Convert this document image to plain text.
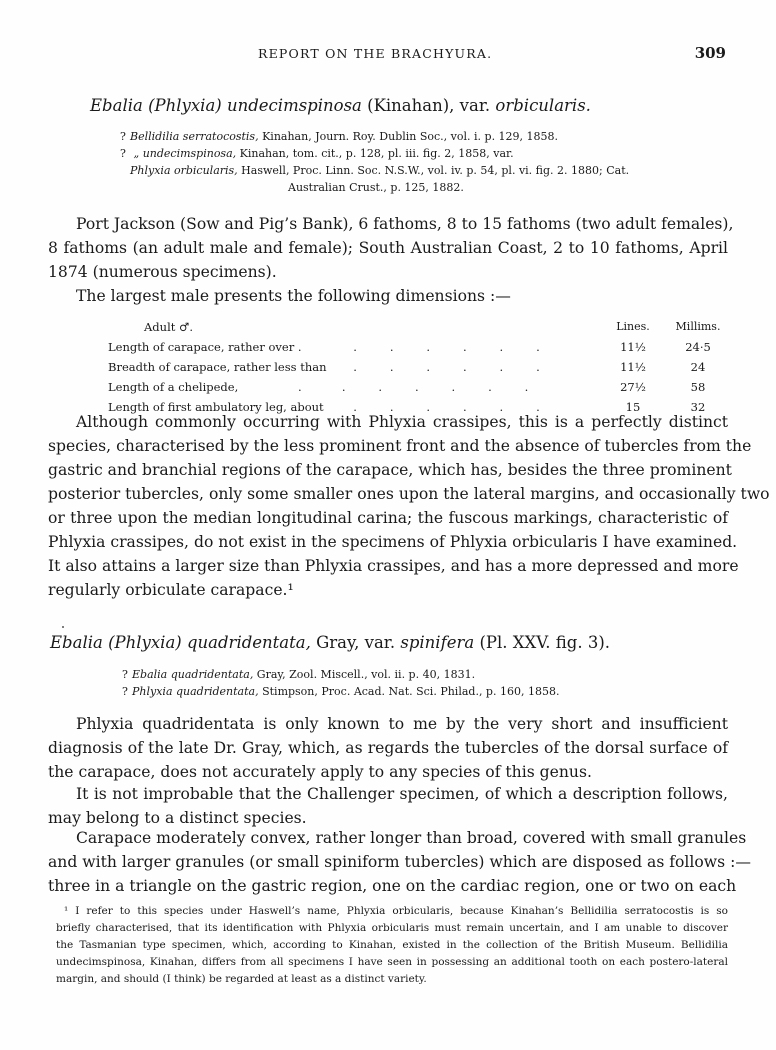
REPORT ON THE BRACHYURA.	309
Ebalia (Phlyxia) undecimspinosa (Kinahan), var. orbicularis.
? Bellidilia serratocostis, Kinahan, Journ. Roy. Dublin Soc., vol. i. p. 129, 1858.
? „ undecimspinosa, Kinahan, tom. cit., p. 128, pl. iii. fig. 2, 1858, var.
Phlyxia orbicularis, Haswell, Proc. Linn. Soc. N.S.W., vol. iv. p. 54, pl. vi. fig. 2. 1880; Cat.
Australian Crust., p. 125, 1882.
Port Jackson (Sow and Pig’s Bank), 6 fathoms, 8 to 15 fathoms (two adult females),
8 fathoms (an adult male and female); South Australian Coast, 2 to 10 fathoms, April
1874 (numerous specimens).
The largest male presents the following dimensions :—
Adult ♂.	Lines. Millims.
Length of carapace, rather over .	.         .         .         .         .         .	11½	24·5
Breadth of carapace, rather less than .         .         .         .         .         .	11½	24
Length of a chelipede,	.           .         .         .         .         .         .	27½	58
Length of first ambulatory leg, about .         .         .         .         .         .	15	32
Although commonly occurring with Phlyxia crassipes, this is a perfectly distinct
species, characterised by the less prominent front and the absence of tubercles from the
gastric and branchial regions of the carapace, which has, besides the three prominent
posterior tubercles, only some smaller ones upon the lateral margins, and occasionally two
or three upon the median longitudinal carina; the fuscous markings, characteristic of
Phlyxia crassipes, do not exist in the specimens of Phlyxia orbicularis I have examined.
It also attains a larger size than Phlyxia crassipes, and has a more depressed and more
regularly orbiculate carapace.¹
Ebalia (Phlyxia) quadridentata, Gray, var. spinifera (Pl. XXV. fig. 3).
? Ebalia quadridentata, Gray, Zool. Miscell., vol. ii. p. 40, 1831.
? Phlyxia quadridentata, Stimpson, Proc. Acad. Nat. Sci. Philad., p. 160, 1858.
Phlyxia quadridentata is only known to me by the very short and insufficient
diagnosis of the late Dr. Gray, which, as regards the tubercles of the dorsal surface of
the carapace, does not accurately apply to any species of this genus.
It is not improbable that the Challenger specimen, of which a description follows,
may belong to a distinct species.
Carapace moderately convex, rather longer than broad, covered with small granules
and with larger granules (or small spiniform tubercles) which are disposed as follows :—
three in a triangle on the gastric region, one on the cardiac region, one or two on each
¹ I refer to this species under Haswell’s name, Phlyxia orbicularis, because Kinahan’s Bellidilia serratocostis is so
briefly characterised, that its identification with Phlyxia orbicularis must remain uncertain, and I am unable to discover
the Tasmanian type specimen, which, according to Kinahan, existed in the collection of the British Museum. Bellidilia
undecimspinosa, Kinahan, differs from all specimens I have seen in possessing an additional tooth on each postero-lateral
margin, and should (I think) be regarded at least as a distinct variety.
